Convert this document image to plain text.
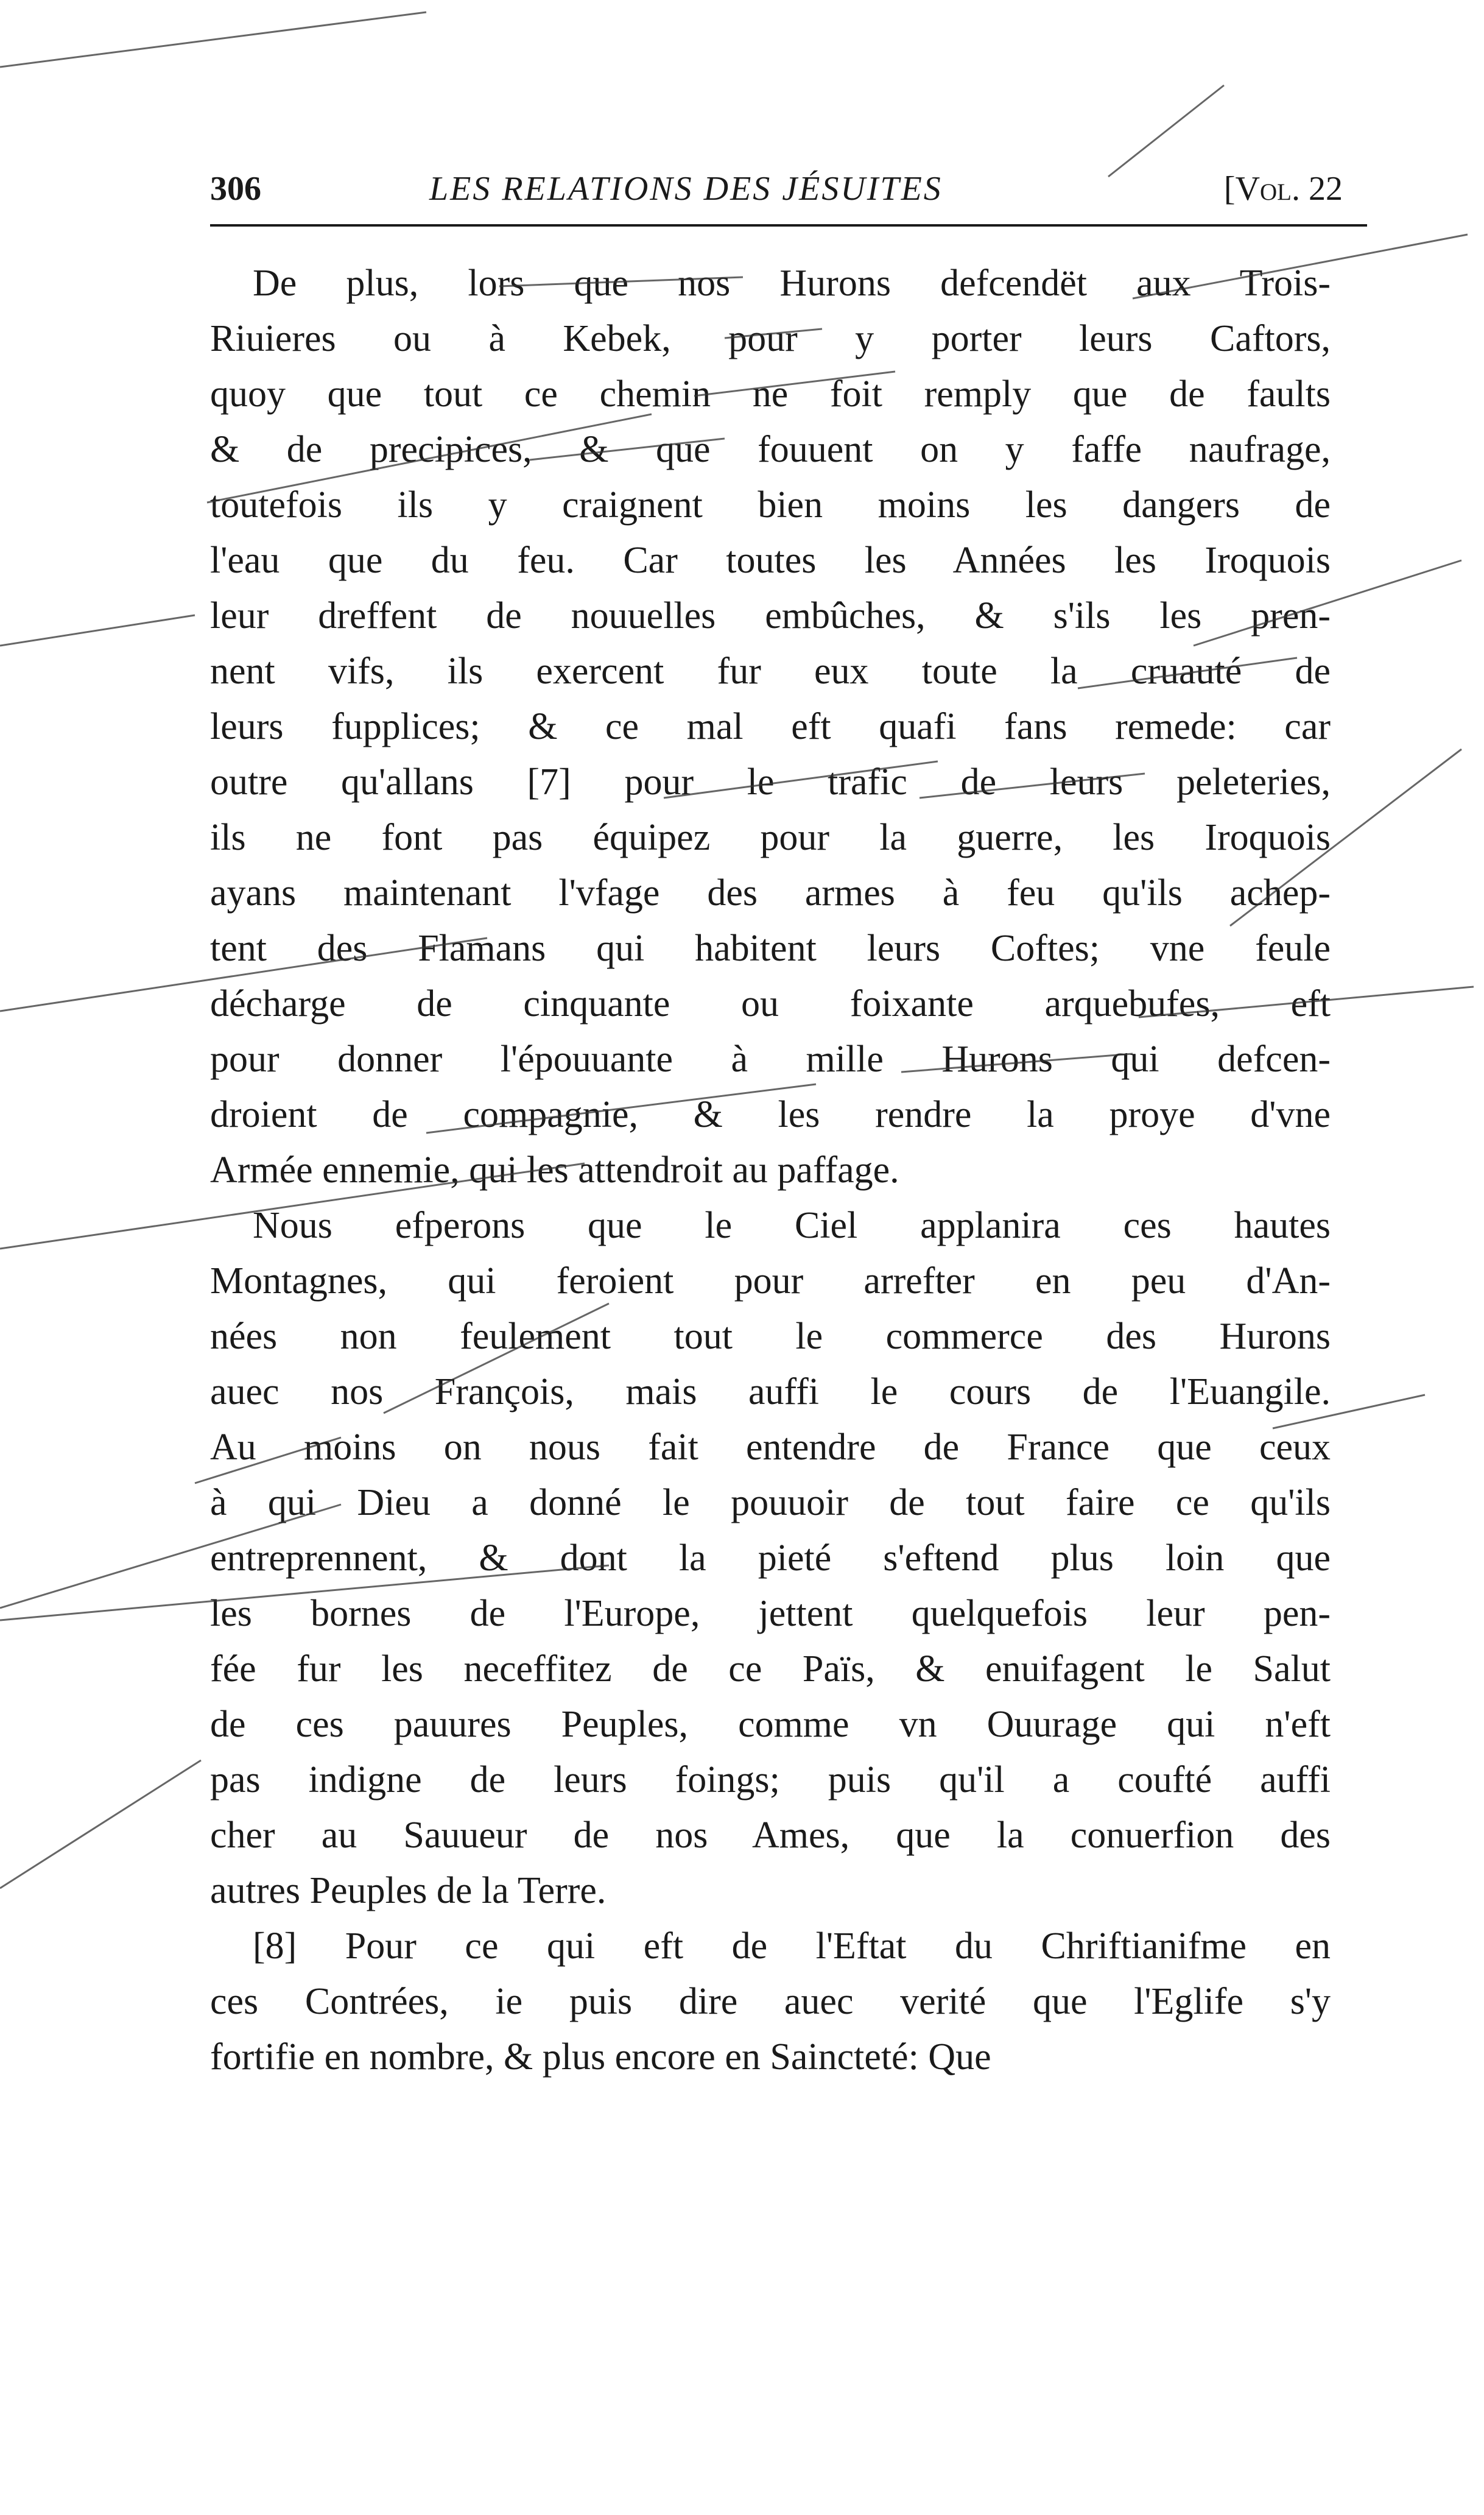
306	LES RELATIONS DES JÉSUITES	[Vol. 22
De plus, lors que nos Hurons defcendët aux Trois-
Riuieres ou à Kebek, pour y porter leurs Caftors,
quoy que tout ce chemin ne foit remply que de faults
& de precipices, & que fouuent on y faffe naufrage,
toutefois ils y craignent bien moins les dangers de
l'eau que du feu. Car toutes les Années les Iroquois
leur dreffent de nouuelles embûches, & s'ils les pren-
nent vifs, ils exercent fur eux toute la cruauté de
leurs fupplices; & ce mal eft quafi fans remede: car
outre qu'allans [7] pour le trafic de leurs peleteries,
ils ne font pas équipez pour la guerre, les Iroquois
ayans maintenant l'vfage des armes à feu qu'ils achep-
tent des Flamans qui habitent leurs Coftes; vne feule
décharge de cinquante ou foixante arquebufes, eft
pour donner l'épouuante à mille Hurons qui defcen-
droient de compagnie, & les rendre la proye d'vne
Armée ennemie, qui les attendroit au paffage.
Nous efperons que le Ciel applanira ces hautes
Montagnes, qui feroient pour arrefter en peu d'An-
nées non feulement tout le commerce des Hurons
auec nos François, mais auffi le cours de l'Euangile.
Au moins on nous fait entendre de France que ceux
à qui Dieu a donné le pouuoir de tout faire ce qu'ils
entreprennent, & dont la pieté s'eftend plus loin que
les bornes de l'Europe, jettent quelquefois leur pen-
fée fur les neceffitez de ce Païs, & enuifagent le Salut
de ces pauures Peuples, comme vn Ouurage qui n'eft
pas indigne de leurs foings; puis qu'il a coufté auffi
cher au Sauueur de nos Ames, que la conuerfion des
autres Peuples de la Terre.
[8] Pour ce qui eft de l'Eftat du Chriftianifme en
ces Contrées, ie puis dire auec verité que l'Eglife s'y
fortifie en nombre, & plus encore en Saincteté: Que
